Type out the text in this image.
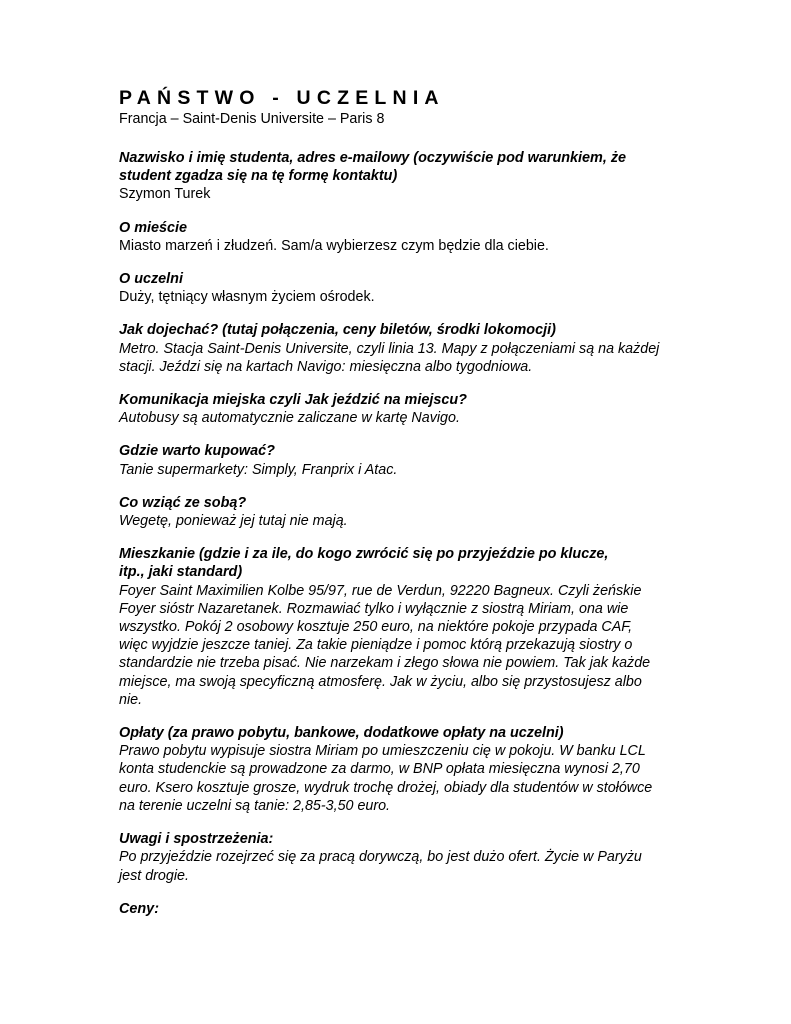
PAŃSTWO - UCZELNIA
Francja – Saint-Denis Universite – Paris 8
Nazwisko i imię studenta, adres e-mailowy (oczywiście pod warunkiem, że
student zgadza się na tę formę kontaktu)
Szymon Turek
O mieście
Miasto marzeń i złudzeń. Sam/a wybierzesz czym będzie dla ciebie.
O uczelni
Duży, tętniący własnym życiem ośrodek.
Jak dojechać? (tutaj połączenia, ceny biletów, środki lokomocji)
Metro. Stacja Saint-Denis Universite, czyli linia 13. Mapy z połączeniami są na każdej
stacji. Jeździ się na kartach Navigo: miesięczna albo tygodniowa.
Komunikacja miejska czyli Jak jeździć na miejscu?
Autobusy są automatycznie zaliczane w kartę Navigo.
Gdzie warto kupować?
Tanie supermarkety: Simply, Franprix i Atac.
Co wziąć ze sobą?
Wegetę, ponieważ jej tutaj nie mają.
Mieszkanie (gdzie i za ile, do kogo zwrócić się po przyjeździe po klucze,
itp., jaki standard)
Foyer Saint Maximilien Kolbe 95/97, rue de Verdun, 92220 Bagneux. Czyli żeńskie
Foyer sióstr Nazaretanek. Rozmawiać tylko i wyłącznie z siostrą Miriam, ona wie
wszystko. Pokój 2 osobowy kosztuje 250 euro, na niektóre pokoje przypada CAF,
więc wyjdzie jeszcze taniej. Za takie pieniądze i pomoc którą przekazują siostry o
standardzie nie trzeba pisać. Nie narzekam i złego słowa nie powiem. Tak jak każde
miejsce, ma swoją specyficzną atmosferę. Jak w życiu, albo się przystosujesz albo
nie.
Opłaty (za prawo pobytu, bankowe, dodatkowe opłaty na uczelni)
Prawo pobytu wypisuje siostra Miriam po umieszczeniu cię w pokoju. W banku LCL
konta studenckie są prowadzone za darmo, w BNP opłata miesięczna wynosi 2,70
euro. Ksero kosztuje grosze, wydruk trochę drożej, obiady dla studentów w stołówce
na terenie uczelni są tanie: 2,85-3,50 euro.
Uwagi i spostrzeżenia:
Po przyjeździe rozejrzeć się za pracą dorywczą, bo jest dużo ofert. Życie w Paryżu
jest drogie.
Ceny:
